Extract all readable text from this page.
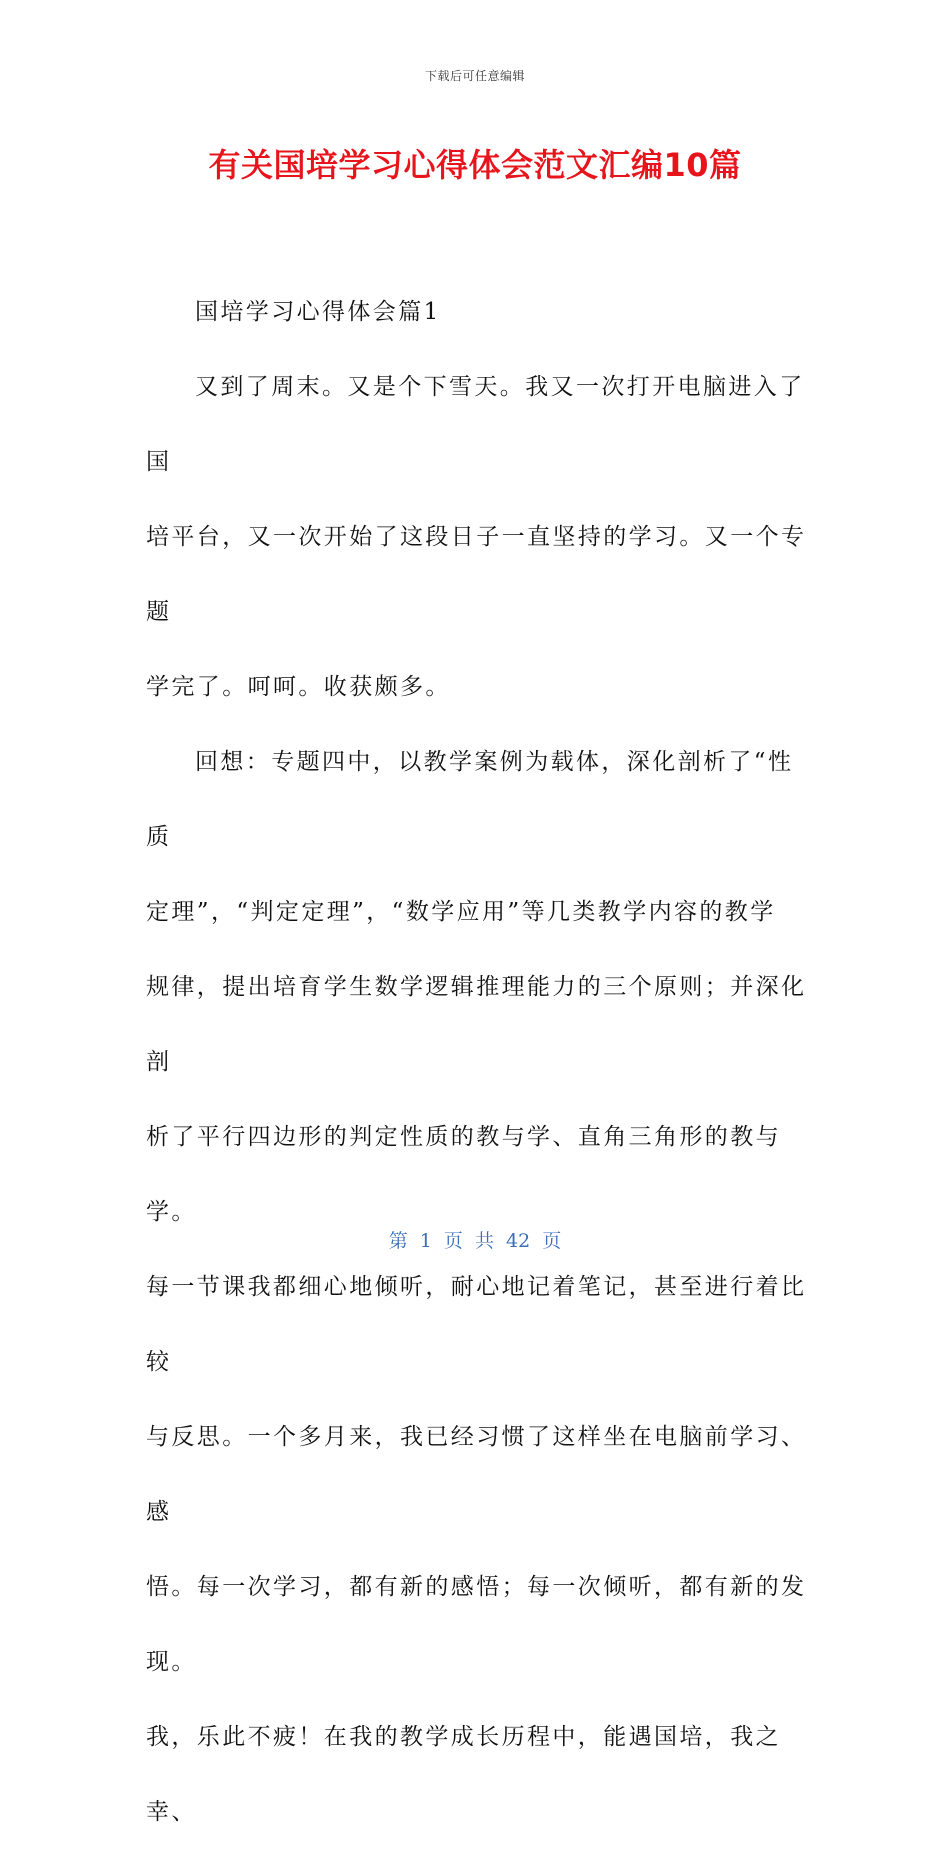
下载后可任意编辑
有关国培学习心得体会范文汇编10篇

国培学习心得体会篇1

又到了周末。又是个下雪天。我又一次打开电脑进入了国

培平台，又一次开始了这段日子一直坚持的学习。又一个专题

学完了。呵呵。收获颇多。

回想：专题四中，以教学案例为载体，深化剖析了“性质

定理”，“判定定理”，“数学应用”等几类教学内容的教学

规律，提出培育学生数学逻辑推理能力的三个原则；并深化剖

析了平行四边形的判定性质的教与学、直角三角形的教与学。

每一节课我都细心地倾听，耐心地记着笔记，甚至进行着比较

与反思。一个多月来，我已经习惯了这样坐在电脑前学习、感

悟。每一次学习，都有新的感悟；每一次倾听，都有新的发现。

我，乐此不疲！在我的教学成长历程中，能遇国培，我之幸、

第 1 页 共 42 页
